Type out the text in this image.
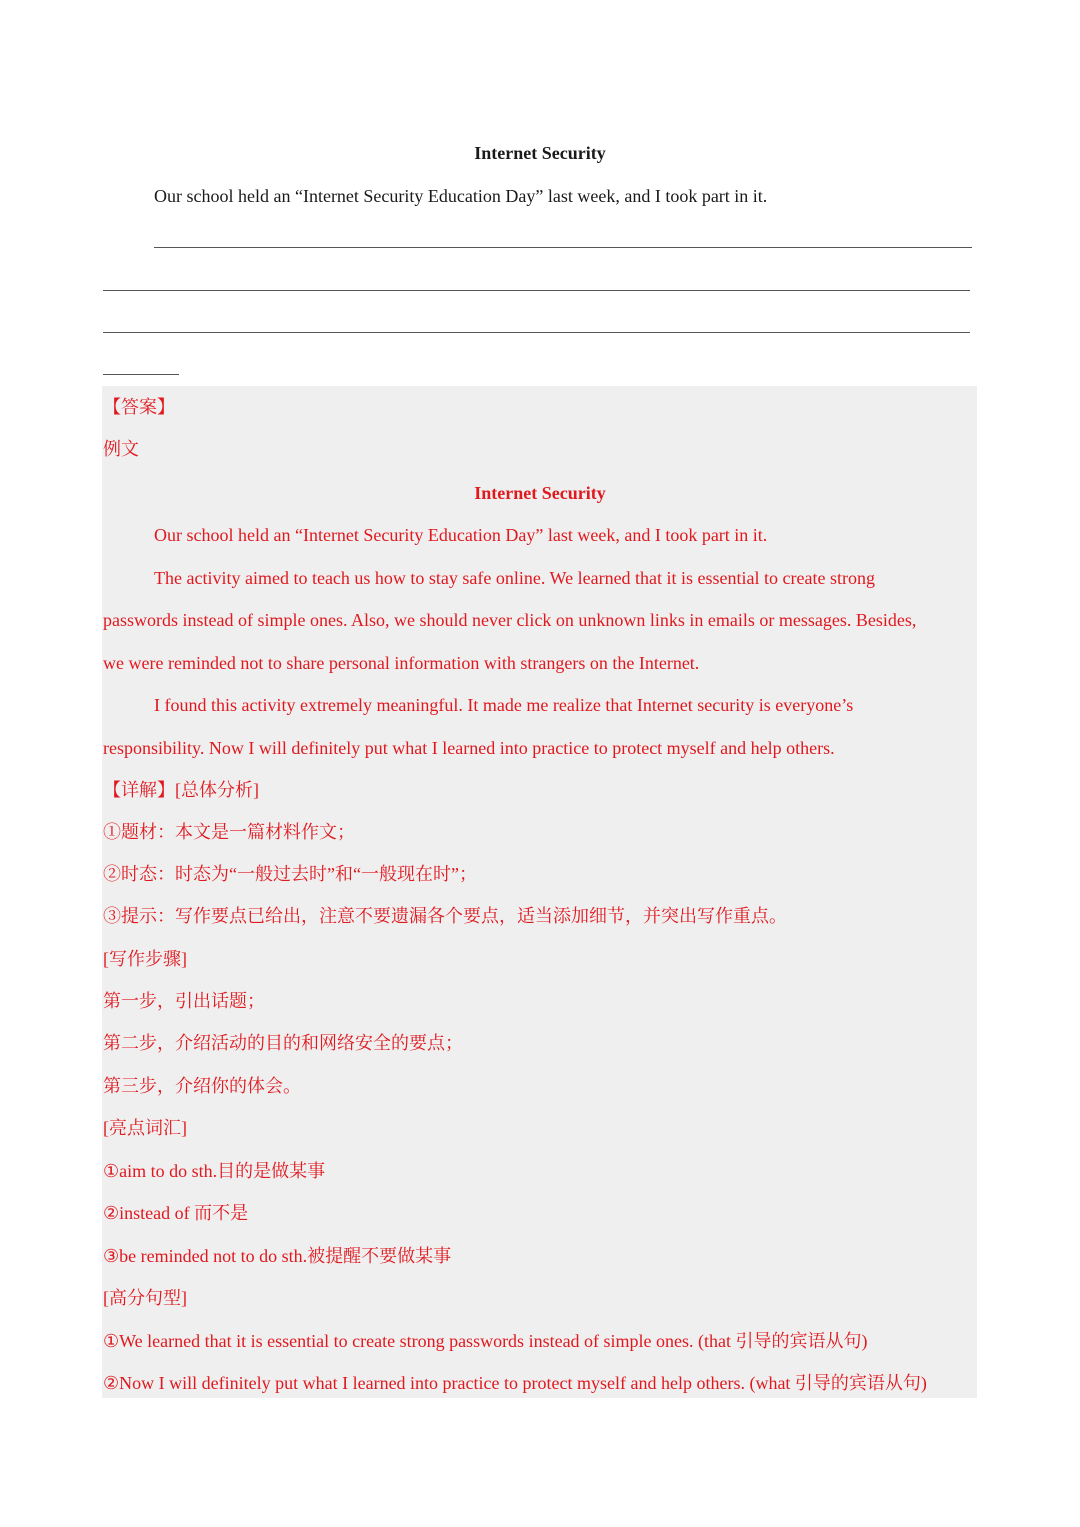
Internet Security
Our school held an “Internet Security Education Day” last week, and I took part in it.
【答案】
例文
Internet Security
Our school held an “Internet Security Education Day” last week, and I took part in it.
The activity aimed to teach us how to stay safe online. We learned that it is essential to create strong
passwords instead of simple ones. Also, we should never click on unknown links in emails or messages. Besides,
we were reminded not to share personal information with strangers on the Internet.
I found this activity extremely meaningful. It made me realize that Internet security is everyone’s
responsibility. Now I will definitely put what I learned into practice to protect myself and help others.
【详解】[总体分析]
①题材：本文是一篇材料作文；
②时态：时态为“一般过去时”和“一般现在时”；
③提示：写作要点已给出，注意不要遗漏各个要点，适当添加细节，并突出写作重点。
[写作步骤]
第一步，引出话题；
第二步，介绍活动的目的和网络安全的要点；
第三步，介绍你的体会。
[亮点词汇]
①aim to do sth.目的是做某事
②instead of 而不是
③be reminded not to do sth.被提醒不要做某事
[高分句型]
①We learned that it is essential to create strong passwords instead of simple ones. (that 引导的宾语从句)
②Now I will definitely put what I learned into practice to protect myself and help others. (what 引导的宾语从句)
